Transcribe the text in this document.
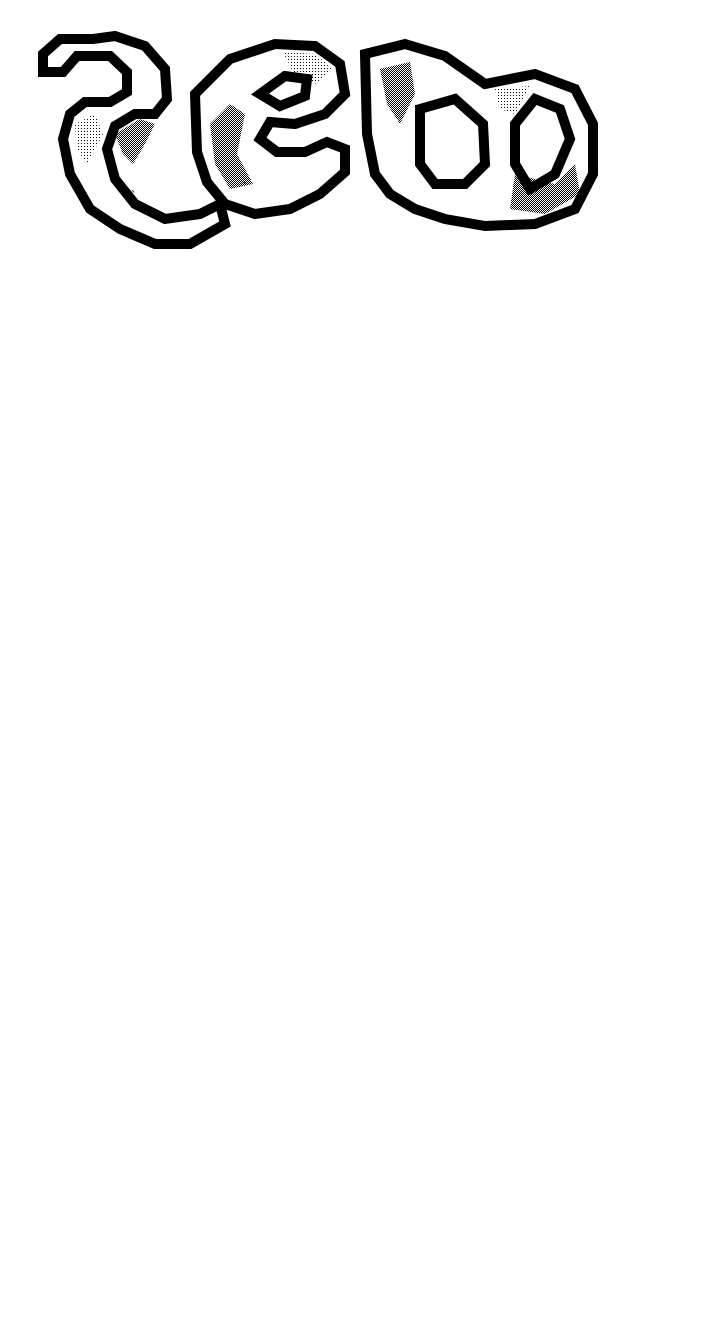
`
.
